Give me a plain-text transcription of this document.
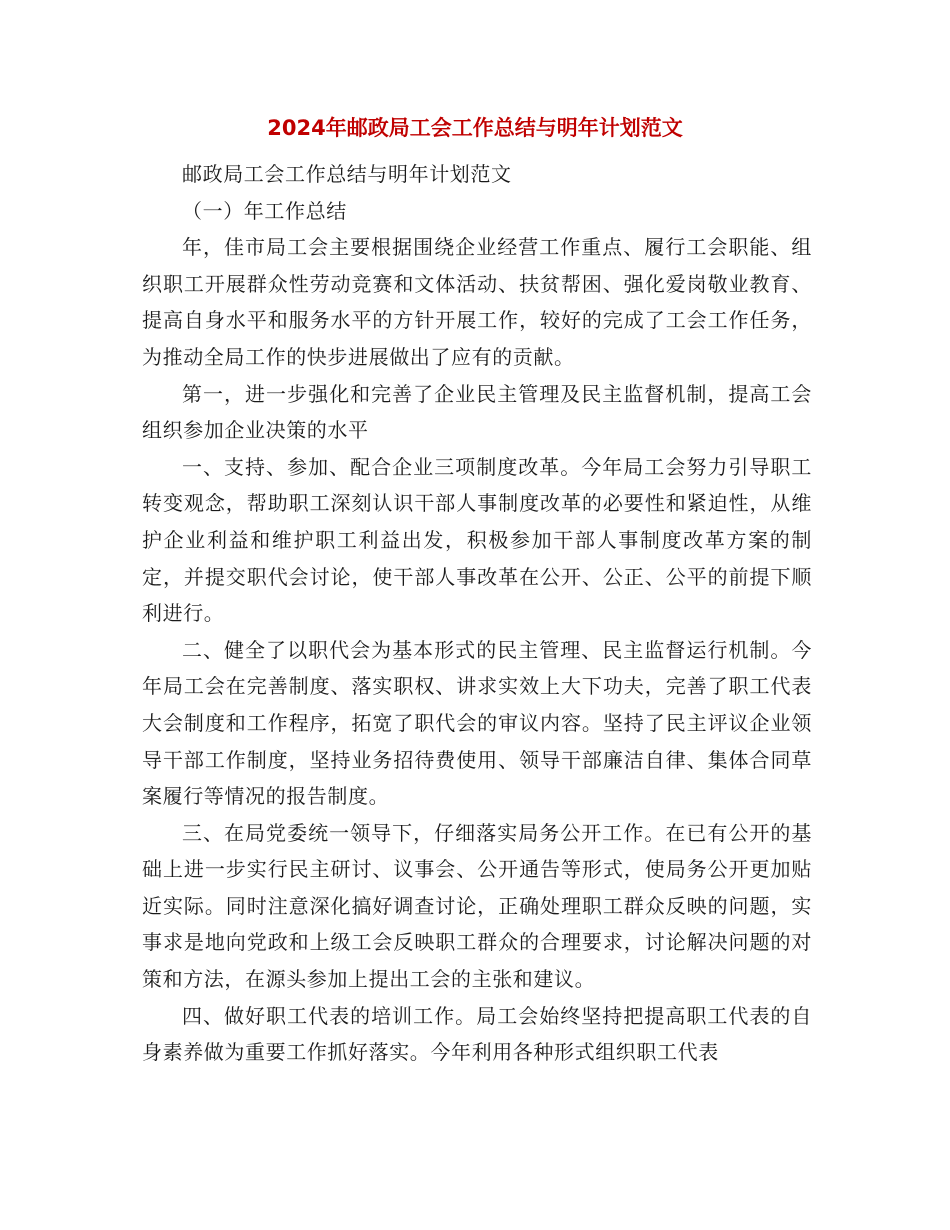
2024年邮政局工会工作总结与明年计划范文

邮政局工会工作总结与明年计划范文

（一）年工作总结

年，佳市局工会主要根据围绕企业经营工作重点、履行工会职能、组织职工开展群众性劳动竞赛和文体活动、扶贫帮困、强化爱岗敬业教育、提高自身水平和服务水平的方针开展工作，较好的完成了工会工作任务，为推动全局工作的快步进展做出了应有的贡献。

第一，进一步强化和完善了企业民主管理及民主监督机制，提高工会组织参加企业决策的水平

一、支持、参加、配合企业三项制度改革。今年局工会努力引导职工转变观念，帮助职工深刻认识干部人事制度改革的必要性和紧迫性，从维护企业利益和维护职工利益出发，积极参加干部人事制度改革方案的制定，并提交职代会讨论，使干部人事改革在公开、公正、公平的前提下顺利进行。

二、健全了以职代会为基本形式的民主管理、民主监督运行机制。今年局工会在完善制度、落实职权、讲求实效上大下功夫，完善了职工代表大会制度和工作程序，拓宽了职代会的审议内容。坚持了民主评议企业领导干部工作制度，坚持业务招待费使用、领导干部廉洁自律、集体合同草案履行等情况的报告制度。

三、在局党委统一领导下，仔细落实局务公开工作。在已有公开的基础上进一步实行民主研讨、议事会、公开通告等形式，使局务公开更加贴近实际。同时注意深化搞好调查讨论，正确处理职工群众反映的问题，实事求是地向党政和上级工会反映职工群众的合理要求，讨论解决问题的对策和方法，在源头参加上提出工会的主张和建议。

四、做好职工代表的培训工作。局工会始终坚持把提高职工代表的自身素养做为重要工作抓好落实。今年利用各种形式组织职工代表
